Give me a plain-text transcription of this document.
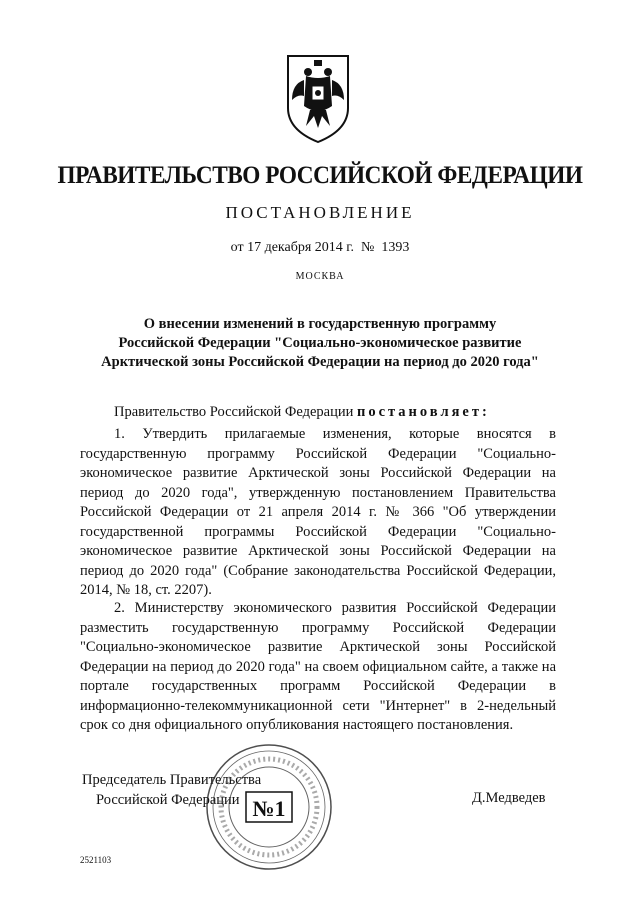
ПРАВИТЕЛЬСТВО РОССИЙСКОЙ ФЕДЕРАЦИИ
ПОСТАНОВЛЕНИЕ
от 17 декабря 2014 г.  №  1393
МОСКВА
О внесении изменений в государственную программу
Российской Федерации "Социально-экономическое развитие
Арктической зоны Российской Федерации на период до 2020 года"
Правительство Российской Федерации постановляет:

1. Утвердить прилагаемые изменения, которые вносятся в государственную программу Российской Федерации "Социально-экономическое развитие Арктической зоны Российской Федерации на период до 2020 года", утвержденную постановлением Правительства Российской Федерации от 21 апреля 2014 г. № 366 "Об утверждении государственной программы Российской Федерации "Социально-экономическое развитие Арктической зоны Российской Федерации на период до 2020 года" (Собрание законодательства Российской Федерации, 2014, № 18, ст. 2207).

2. Министерству экономического развития Российской Федерации разместить государственную программу Российской Федерации "Социально-экономическое развитие Арктической зоны Российской Федерации на период до 2020 года" на своем официальном сайте, а также на портале государственных программ Российской Федерации в информационно-телекоммуникационной сети "Интернет" в 2-недельный срок со дня официального опубликования настоящего постановления.

Председатель Правительства
Российской Федерации	Д.Медведев
№1
2521103
